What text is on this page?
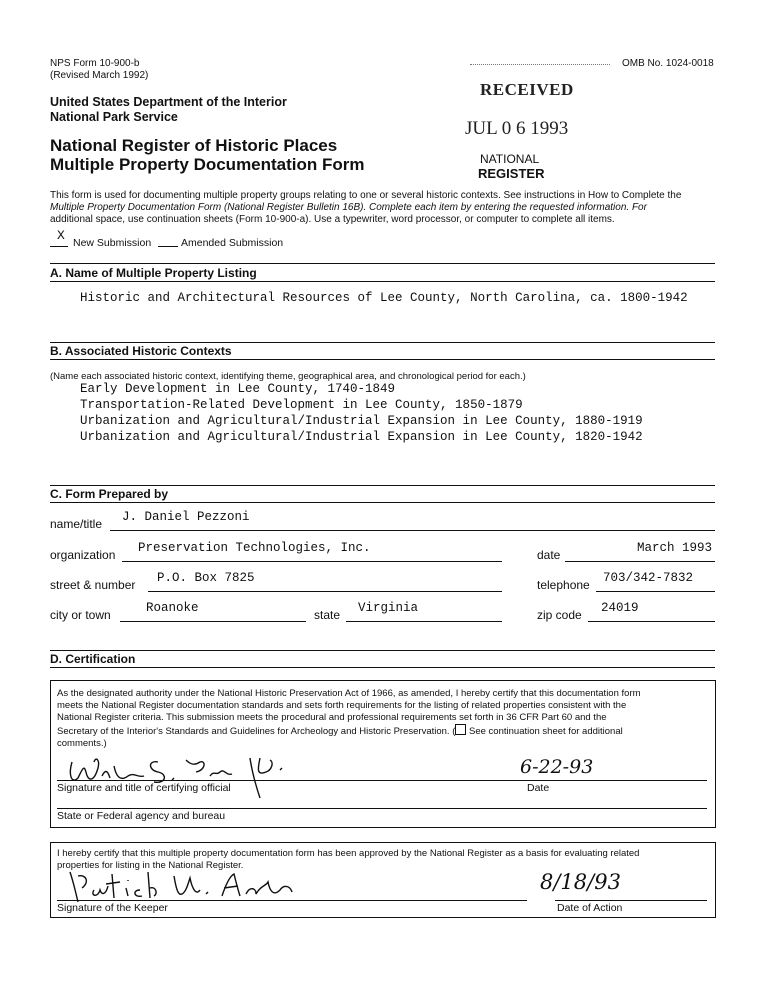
NPS Form 10-900-b
(Revised March 1992)
OMB No. 1024-0018
United States Department of the Interior
National Park Service
National Register of Historic Places
Multiple Property Documentation Form
RECEIVED
JUL 0 6 1993
NATIONAL
REGISTER
This form is used for documenting multiple property groups relating to one or several historic contexts. See instructions in How to Complete the
Multiple Property Documentation Form (National Register Bulletin 16B). Complete each item by entering the requested information. For
additional space, use continuation sheets (Form 10-900-a). Use a typewriter, word processor, or computer to complete all items.
X New Submission	Amended Submission
A. Name of Multiple Property Listing
Historic and Architectural Resources of Lee County, North Carolina, ca. 1800-1942
B. Associated Historic Contexts
(Name each associated historic context, identifying theme, geographical area, and chronological period for each.)
Early Development in Lee County, 1740-1849
Transportation-Related Development in Lee County, 1850-1879
Urbanization and Agricultural/Industrial Expansion in Lee County, 1880-1919
Urbanization and Agricultural/Industrial Expansion in Lee County, 1820-1942
C. Form Prepared by
name/title J. Daniel Pezzoni
organization Preservation Technologies, Inc.	date	March 1993
street & number P.O. Box 7825	telephone 703/342-7832
city or town	Roanoke	state Virginia	zip code 24019
D. Certification
As the designated authority under the National Historic Preservation Act of 1966, as amended, I hereby certify that this documentation form
meets the National Register documentation standards and sets forth requirements for the listing of related properties consistent with the
National Register criteria. This submission meets the procedural and professional requirements set forth in 36 CFR Part 60 and the
Secretary of the Interior's Standards and Guidelines for Archeology and Historic Preservation. ( See continuation sheet for additional
comments.)
Signature and title of certifying official
6-22-93
Date
State or Federal agency and bureau
I hereby certify that this multiple property documentation form has been approved by the National Register as a basis for evaluating related
properties for listing in the National Register.
Signature of the Keeper
8/18/93
Date of Action
